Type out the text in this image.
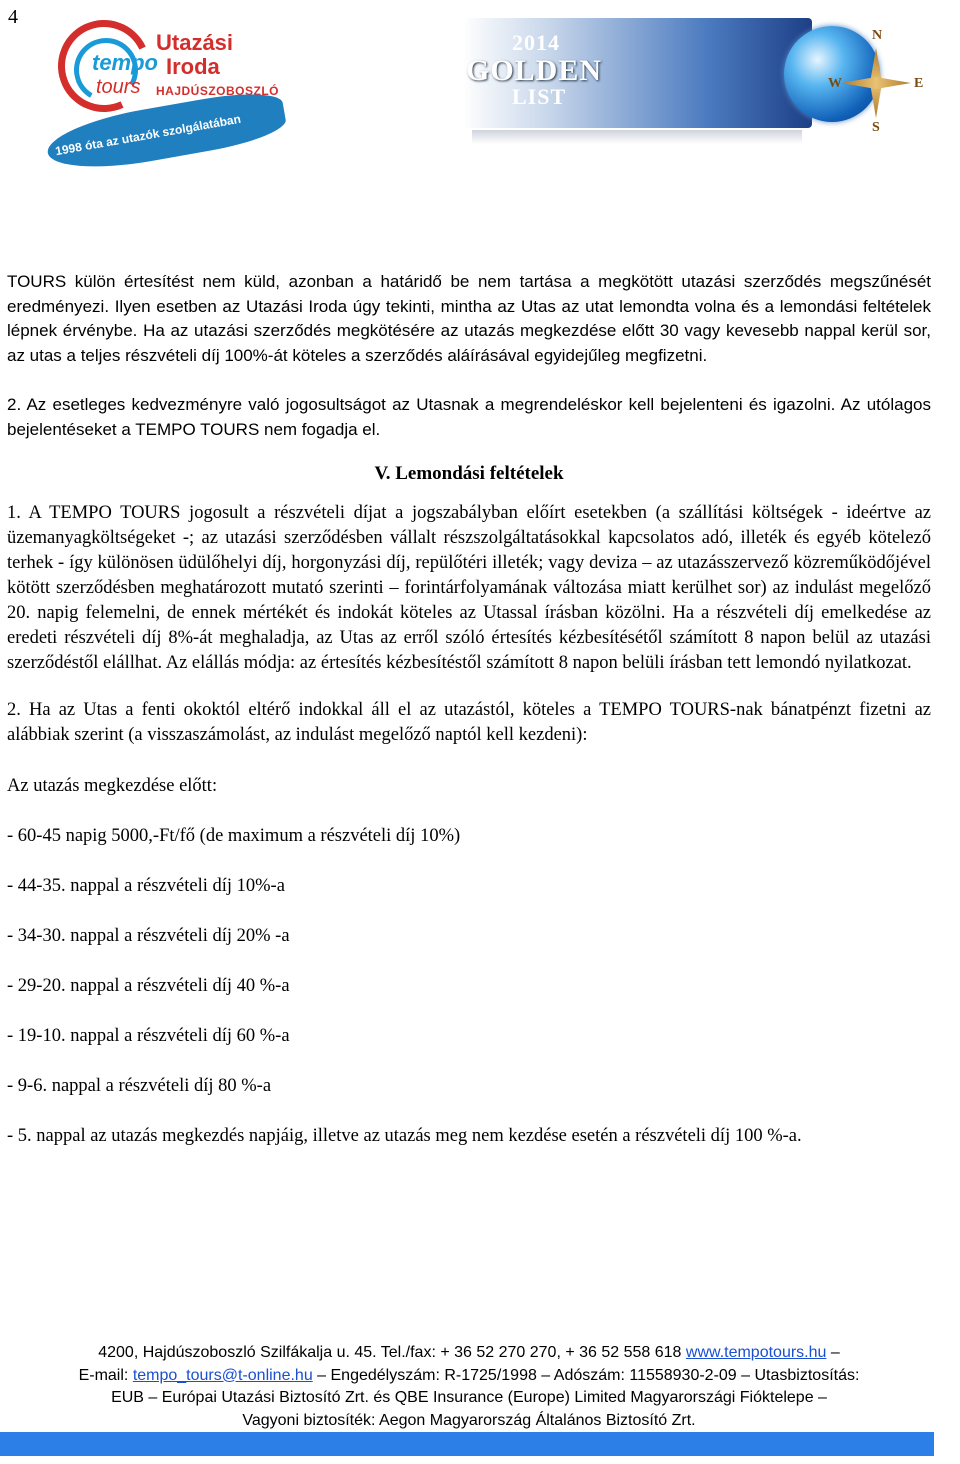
4
tempo
tours
Utazási
Iroda
HAJDÚSZOBOSZLÓ
1998 óta az utazók szolgálatában
2014
GOLDEN
LIST
N
S
E
W

TOURS külön értesítést nem küld, azonban a határidő be nem tartása a megkötött utazási szerződés megszűnését eredményezi. Ilyen esetben az Utazási Iroda úgy tekinti, mintha az Utas az utat lemondta volna és a lemondási feltételek lépnek érvénybe. Ha az utazási szerződés megkötésére az utazás megkezdése előtt 30 vagy kevesebb nappal kerül sor, az utas a teljes részvételi díj 100%-át köteles a szerződés aláírásával egyidejűleg megfizetni.

2. Az esetleges kedvezményre való jogosultságot az Utasnak a megrendeléskor kell bejelenteni és igazolni. Az utólagos bejelentéseket a TEMPO TOURS nem fogadja el.

V. Lemondási feltételek

1. A TEMPO TOURS jogosult a részvételi díjat a jogszabályban előírt esetekben (a szállítási költségek - ideértve az üzemanyagköltségeket -; az utazási szerződésben vállalt részszolgáltatásokkal kapcsolatos adó, illeték és egyéb kötelező terhek - így különösen üdülőhelyi díj, horgonyzási díj, repülőtéri illeték; vagy deviza – az utazásszervező közreműködőjével kötött szerződésben meghatározott mutató szerinti – forintárfolyamának változása miatt kerülhet sor) az indulást megelőző 20. napig felemelni, de ennek mértékét és indokát köteles az Utassal írásban közölni. Ha a részvételi díj emelkedése az eredeti részvételi díj 8%-át meghaladja, az Utas az erről szóló értesítés kézbesítésétől számított 8 napon belül az utazási szerződéstől elállhat. Az elállás módja: az értesítés kézbesítéstől számított 8 napon belüli írásban tett lemondó nyilatkozat.

2. Ha az Utas a fenti okoktól eltérő indokkal áll el az utazástól, köteles a TEMPO TOURS-nak bánatpénzt fizetni az alábbiak szerint (a visszaszámolást, az indulást megelőző naptól kell kezdeni):

Az utazás megkezdése előtt:

- 60-45 napig 5000,-Ft/fő (de maximum a részvételi díj 10%)

- 44-35. nappal a részvételi díj 10%-a

- 34-30. nappal a részvételi díj 20% -a

- 29-20. nappal a részvételi díj 40 %-a

- 19-10. nappal a részvételi díj 60 %-a

- 9-6. nappal a részvételi díj 80 %-a

- 5. nappal az utazás megkezdés napjáig, illetve az utazás meg nem kezdése esetén a részvételi díj 100 %-a.

4200, Hajdúszoboszló Szilfákalja u. 45. Tel./fax: + 36 52 270 270, + 36 52 558 618 www.tempotours.hu –
E-mail: tempo_tours@t-online.hu – Engedélyszám: R-1725/1998 – Adószám: 11558930-2-09 – Utasbiztosítás:
EUB – Európai Utazási Biztosító Zrt. és QBE Insurance (Europe) Limited Magyarországi Fióktelepe –
Vagyoni biztosíték: Aegon Magyarország Általános Biztosító Zrt.
